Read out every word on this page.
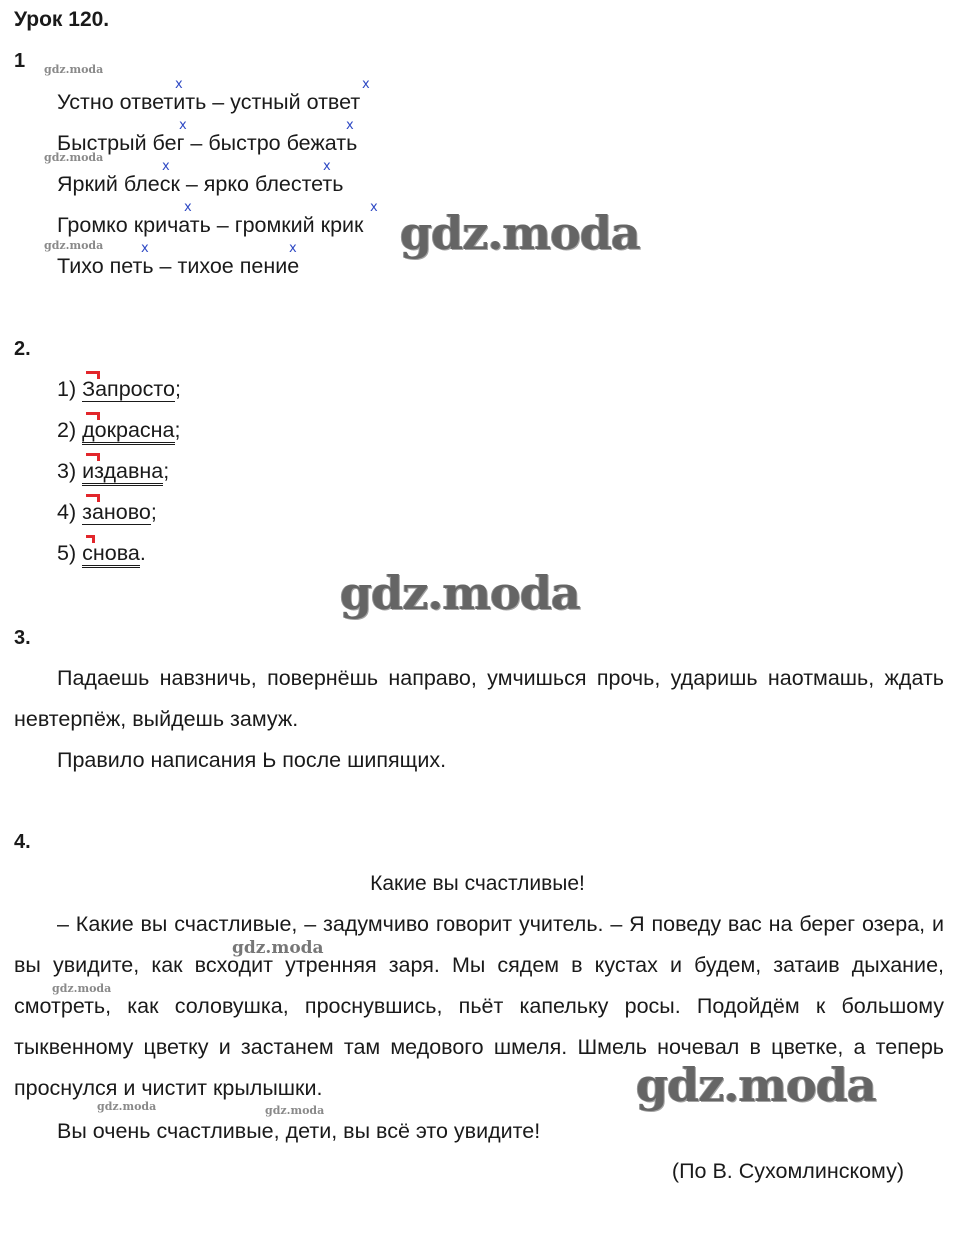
Урок 120.
1 gdz.moda
gdz.moda
gdz.moda
Устно ответить – устный ответ
Быстрый бег – быстро бежать
Яркий блеск – ярко блестеть
Громко кричать – громкий крик
Тихо петь – тихое пение
x	x
x	x
x	x
x	x
x	x gdz.moda
2.
1) Запросто;
2) докрасна;
3) издавна;
4) заново;
5) снова.
gdz.moda
3.
Падаешь навзничь, повернёшь направо, умчишься прочь, ударишь наотмашь, ждать невтерпёж, выйдешь замуж.
Правило написания Ь после шипящих.
4.
Какие вы счастливые!
– Какие вы счастливые, – задумчиво говорит учитель. – Я поведу вас на берег озера, и вы увидите, как всходит утренняя заря. Мы сядем в кустах и будем, затаив дыхание, смотреть, как соловушка, проснувшись, пьёт капельку росы. Подойдём к большому тыквенному цветку и застанем там медового шмеля. Шмель ночевал в цветке, а теперь проснулся и чистит крылышки.
Вы очень счастливые, дети, вы всё это увидите!
(По В. Сухомлинскому)
gdz.moda
gdz.moda
gdz.moda	gdz.moda	gdz.moda
